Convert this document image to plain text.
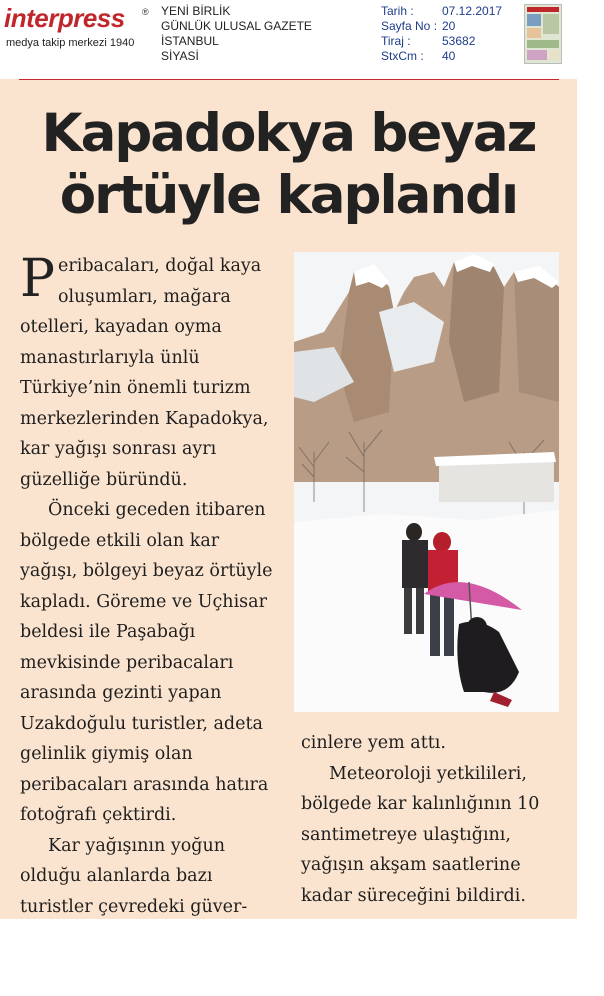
interpress ®
medya takip merkezi 1940
YENİ BİRLİK
GÜNLÜK ULUSAL GAZETE
İSTANBUL
SİYASİ
Tarih :
Sayfa No :
Tiraj :
StxCm :
07.12.2017
20
53682
40
Kapadokya beyaz
örtüyle kaplandı

Peribacaları, doğal kaya oluşumları, mağara otelleri, kayadan oyma manastırlarıyla ünlü Türkiye’nin önemli turizm merkezlerinden Kapadokya, kar yağışı sonrası ayrı güzelliğe büründü.

Önceki geceden itibaren bölgede etkili olan kar yağışı, bölgeyi beyaz örtüyle kapladı. Göreme ve Uçhisar beldesi ile Paşabağı mevkisinde peribacaları arasında gezinti yapan Uzakdoğulu turistler, adeta gelinlik giymiş olan peribacaları arasında hatıra fotoğrafı çektirdi.

Kar yağışının yoğun olduğu alanlarda bazı turistler çevredeki güver-

cinlere yem attı.

Meteoroloji yetkilileri, bölgede kar kalınlığının 10 santimetreye ulaştığını, yağışın akşam saatlerine kadar süreceğini bildirdi.
